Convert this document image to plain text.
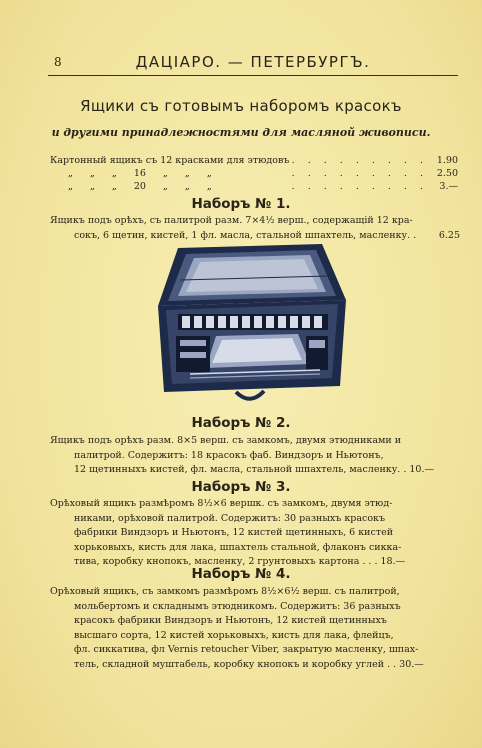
8	ДАЦІАРО. — ПЕТЕРБУРГЪ.
Ящики съ готовымъ наборомъ красокъ
и другими принадлежностями для масляной живописи.
Картонный ящикъ съ 12 красками для этюдовъ . . . . . . . . . 1.90
„ „ „ 16 „ „ „	. . . . . . . . . 2.50
„ „ „ 20 „ „ „	. . . . . . . . . 3.—
Наборъ № 1.
Ящикъ подъ орѣхъ, съ палитрой разм. 7×4½ верш., содержащій 12 кра-
сокъ, 6 щетин, кистей, 1 фл. масла, стальной шпахтель, масленку. . 6.25
Наборъ № 2.
Ящикъ подъ орѣхъ разм. 8×5 верш. съ замкомъ, двумя этюдниками и
палитрой. Содержитъ: 18 красокъ фаб. Виндзоръ и Ньютонъ,
12 щетинныхъ кистей, фл. масла, стальной шпахтель, масленку. . 10.—
Наборъ № 3.
Орѣховый ящикъ размѣромъ 8½×6 вершк. съ замкомъ, двумя этюд-
никами, орѣховой палитрой. Содержитъ: 30 разныхъ красокъ
фабрики Виндзоръ и Ньютонъ, 12 кистей щетинныхъ, 6 кистей
хорьковыхъ, кисть для лака, шпахтель стальной, флаконъ сикка-
тива, коробку кнопокъ, масленку, 2 грунтовыхъ картона . . . 18.—
Наборъ № 4.
Орѣховый ящикъ, съ замкомъ размѣромъ 8½×6½ верш. съ палитрой,
мольбертомъ и складнымъ этюдникомъ. Содержитъ: 36 разныхъ
красокъ фабрики Виндзоръ и Ньютонъ, 12 кистей щетинныхъ
высшаго сорта, 12 кистей хорьковыхъ, кисть для лака, флейцъ,
фл. сиккатива, фл Vernis retoucher Viber, закрытую масленку, шпах-
тель, складной муштабель, коробку кнопокъ и коробку углей . . 30.—
